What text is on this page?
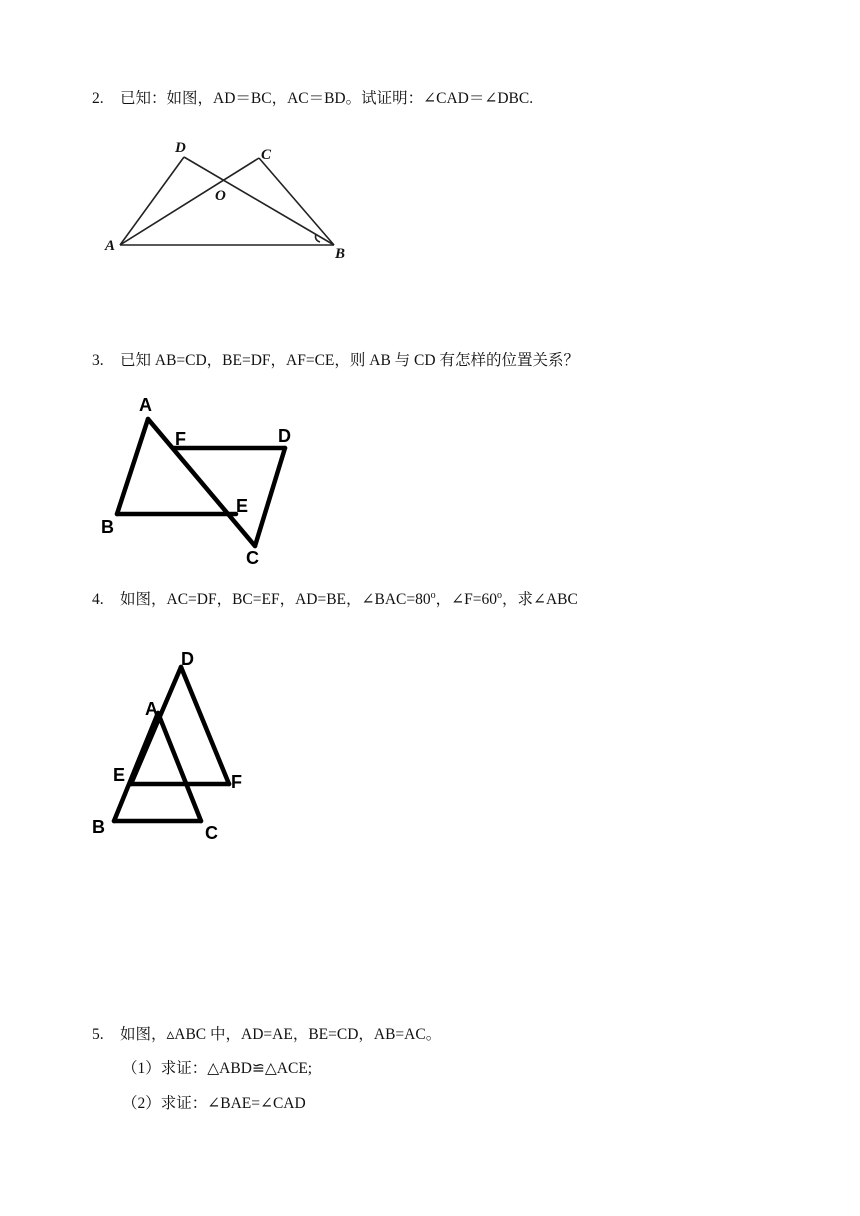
2. 已知：如图，AD＝BC，AC＝BD。试证明：∠CAD＝∠DBC.
D	C
O
A	B
3. 已知 AB=CD，BE=DF，AF=CE，则 AB 与 CD 有怎样的位置关系？
A
F	D
E
B
C
4. 如图，AC=DF，BC=EF，AD=BE，$\angle BAC=80^o$，$\angle F=60^o$，求∠ABC
D
A
E	F
B	C
5. 如图，▵ABC 中，AD=AE，BE=CD，AB=AC。
（1）求证：△ABD≌△ACE;
（2）求证：∠BAE=∠CAD
